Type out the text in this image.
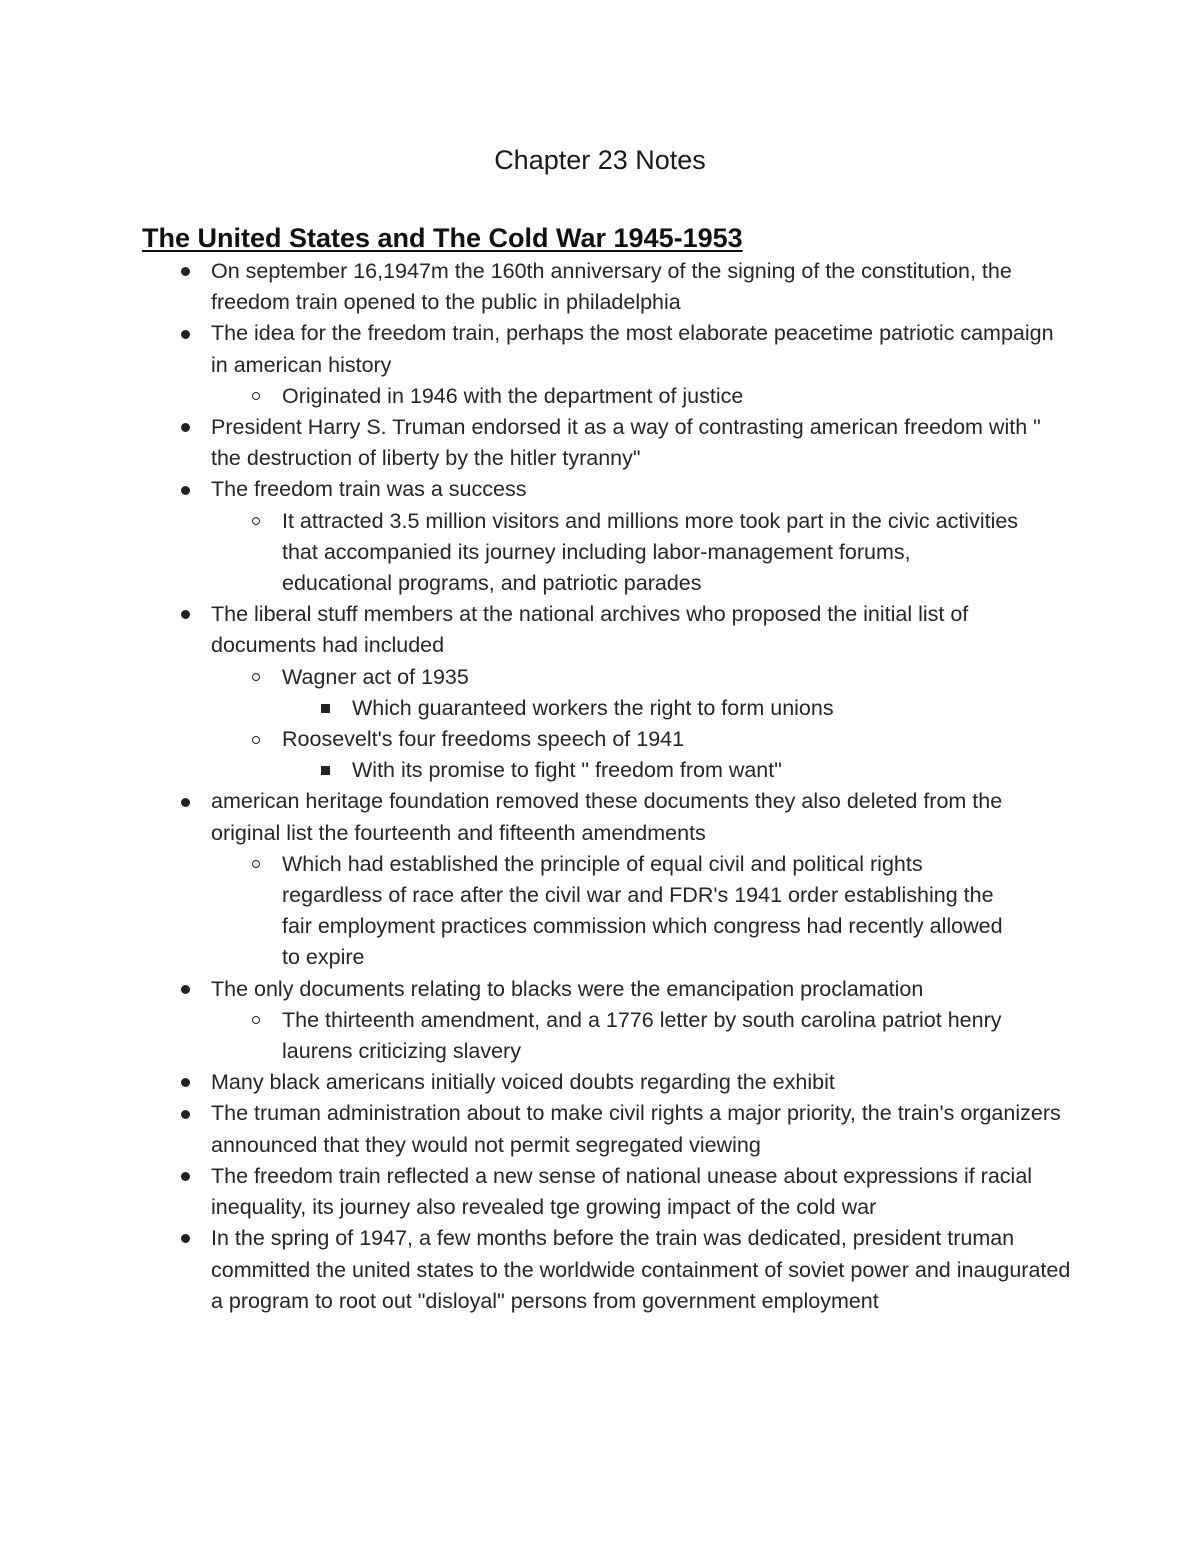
Chapter 23 Notes
The United States and The Cold War 1945-1953
On september 16,1947m the 160th anniversary of the signing of the constitution, the freedom train opened to the public in philadelphia
The idea for the freedom train, perhaps the most elaborate peacetime patriotic campaign in american history
Originated in 1946 with the department of justice
President Harry S. Truman endorsed it as a way of contrasting american freedom with " the destruction of liberty by the hitler tyranny"
The freedom train was a success
It attracted 3.5 million visitors and millions more took part in the civic activities that accompanied its journey including labor-management forums, educational programs, and patriotic parades
The liberal stuff members at the national archives who proposed the initial list of documents had included
Wagner act of 1935
Which guaranteed workers the right to form unions
Roosevelt's four freedoms speech of 1941
With its promise to fight " freedom from want"
american heritage foundation removed these documents they also deleted from the original list the fourteenth and fifteenth amendments
Which had established the principle of equal civil and political rights regardless of race after the civil war and FDR's 1941 order establishing the fair employment practices commission which congress had recently allowed to expire
The only documents relating to blacks were the emancipation proclamation
The thirteenth amendment, and a 1776 letter by south carolina patriot henry laurens criticizing slavery
Many black americans initially voiced doubts regarding the exhibit
The truman administration about to make civil rights a major priority, the train's organizers announced that they would not permit segregated viewing
The freedom train reflected a new sense of national unease about expressions if racial inequality, its journey also revealed tge growing impact of the cold war
In the spring of 1947, a few months before the train was dedicated, president truman committed the united states to the worldwide containment of soviet power and inaugurated a program to root out "disloyal" persons from government employment
